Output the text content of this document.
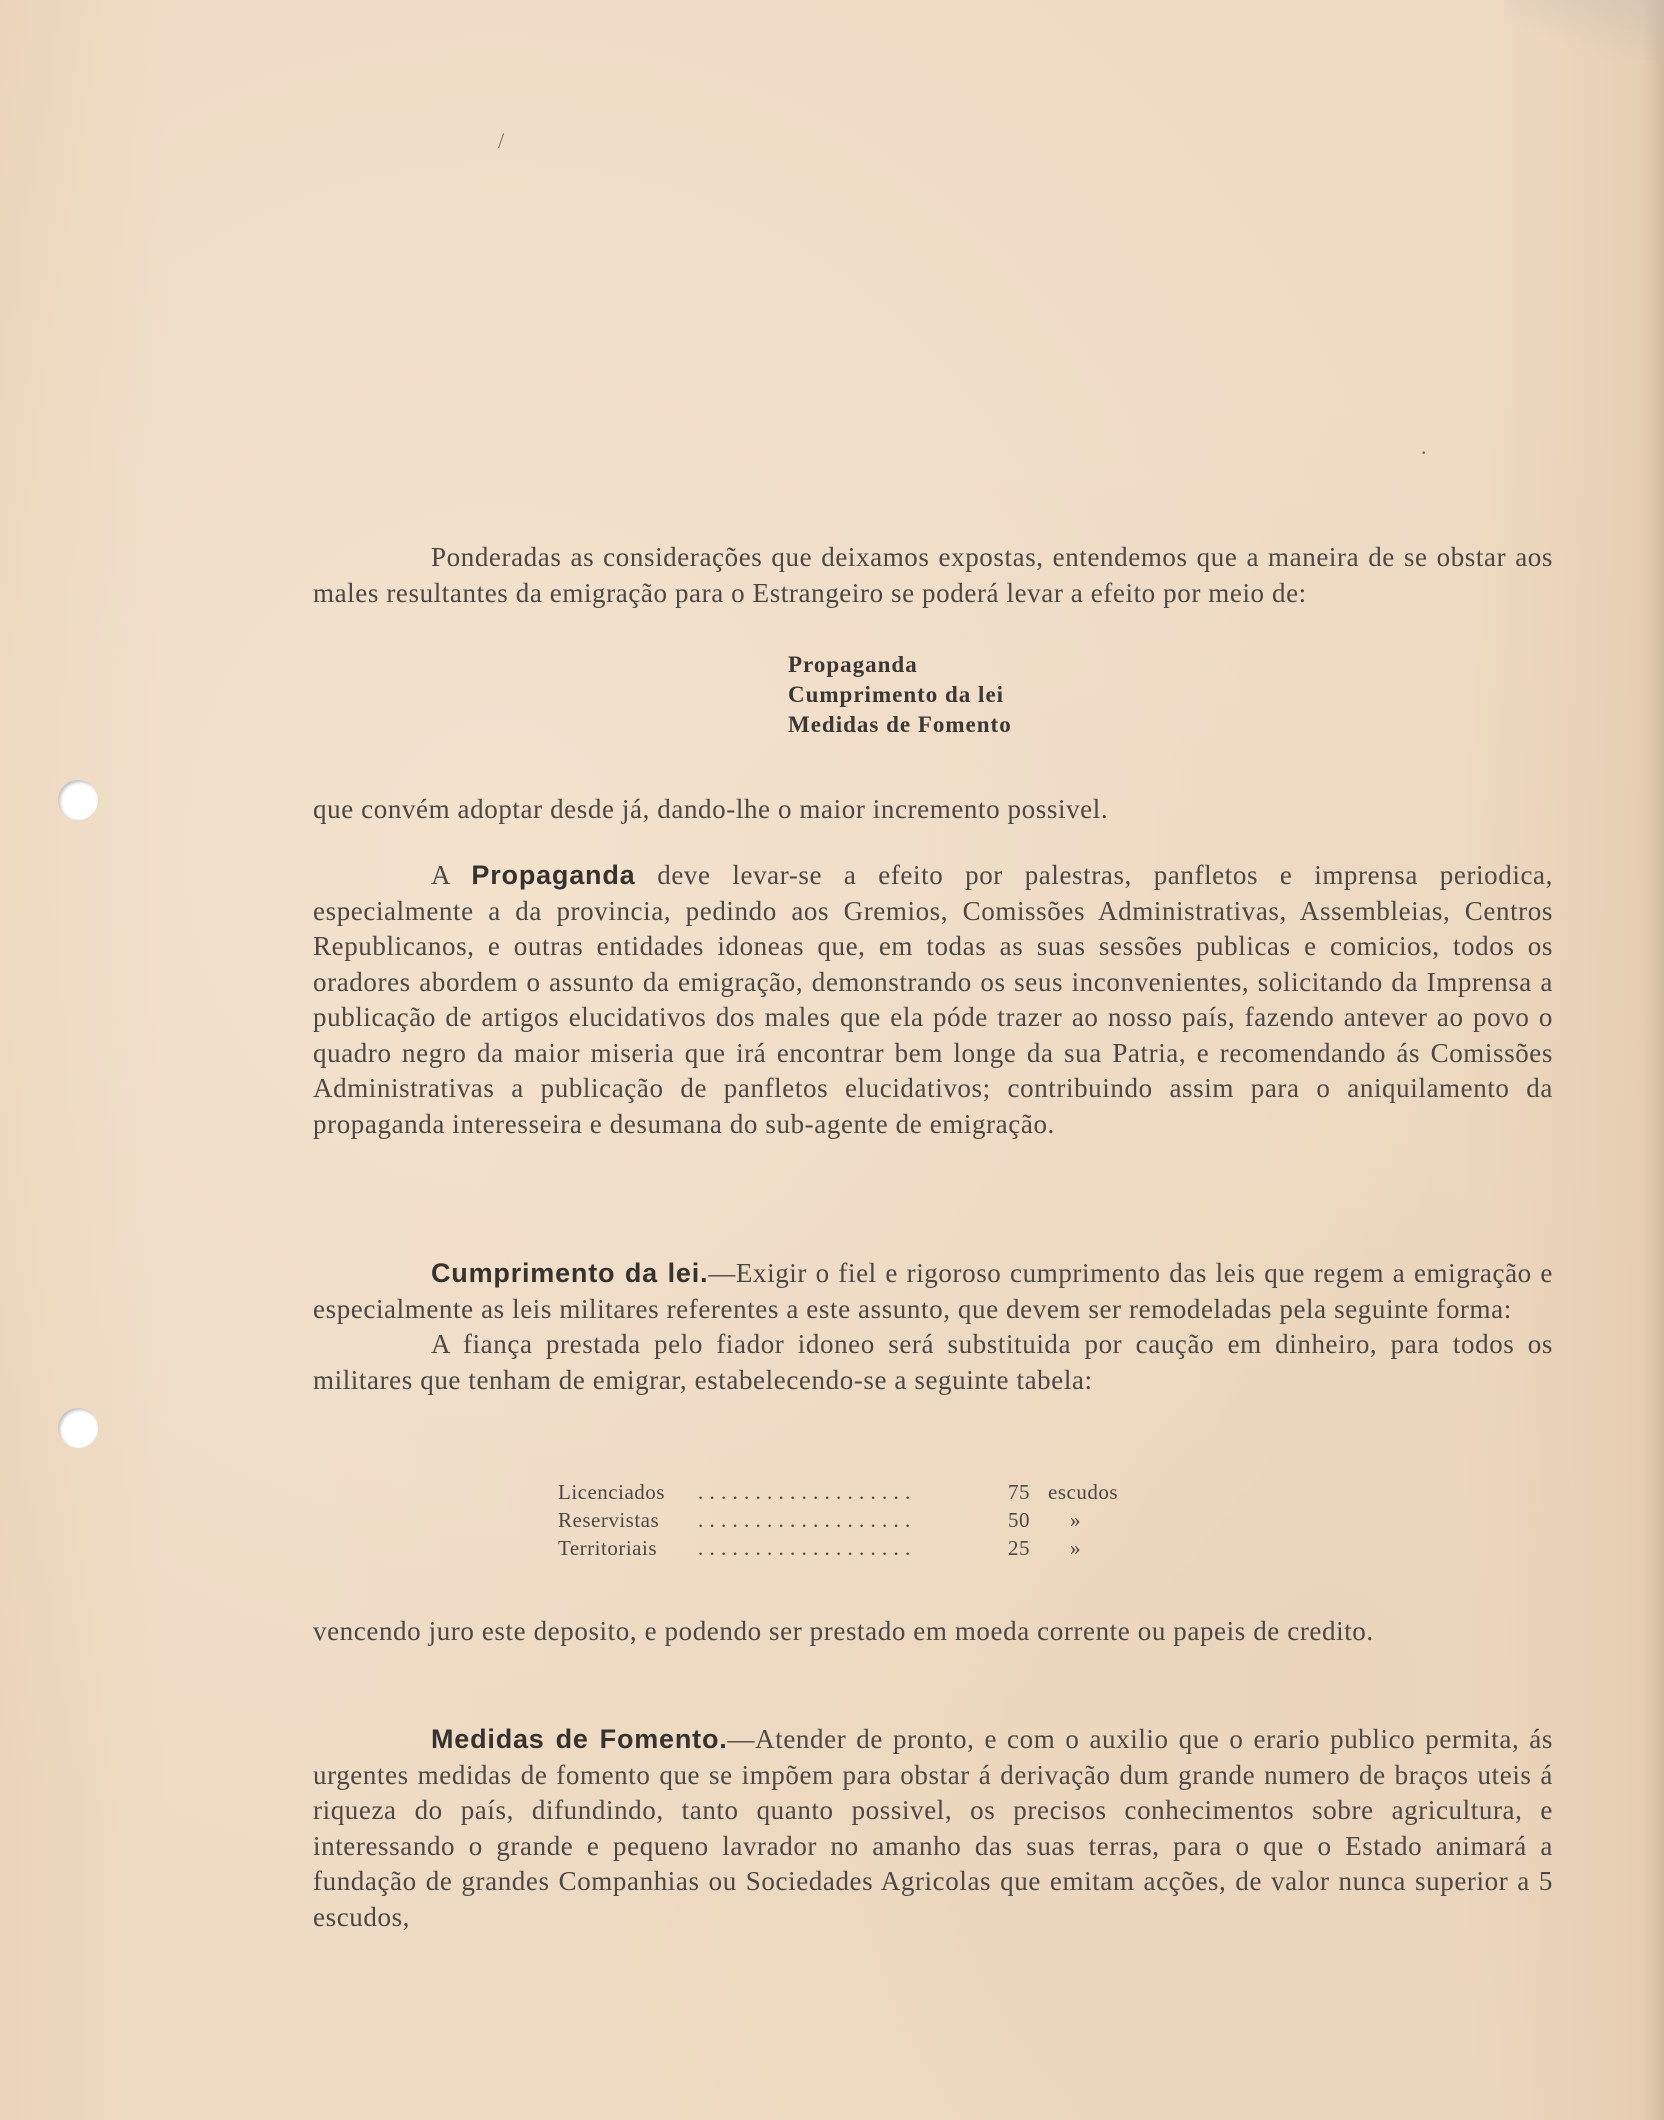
/
·

Ponderadas as considerações que deixamos expostas, entendemos que a maneira de se obstar aos males resultantes da emigração para o Estrangeiro se poderá levar a efeito por meio de:

Propaganda
Cumprimento da lei
Medidas de Fomento

que convém adoptar desde já, dando-lhe o maior incremento possivel.

A Propaganda deve levar-se a efeito por palestras, panfletos e imprensa periodica, especialmente a da provincia, pedindo aos Gremios, Comissões Administrativas, Assembleias, Centros Republicanos, e outras entidades idoneas que, em todas as suas sessões publicas e comicios, todos os oradores abordem o assunto da emigração, demonstrando os seus inconvenientes, solicitando da Imprensa a publicação de artigos elucidativos dos males que ela póde trazer ao nosso país, fazendo antever ao povo o quadro negro da maior miseria que irá encontrar bem longe da sua Patria, e recomendando ás Comissões Administrativas a publicação de panfletos elucidativos; contribuindo assim para o aniquilamento da propaganda interesseira e desumana do sub-agente de emigração.

Cumprimento da lei.—Exigir o fiel e rigoroso cumprimento das leis que regem a emigração e especialmente as leis militares referentes a este assunto, que devem ser remodeladas pela seguinte forma:

A fiança prestada pelo fiador idoneo será substituida por caução em dinheiro, para todos os militares que tenham de emigrar, estabelecendo-se a seguinte tabela:

Licenciados	. . . . . . . . . . . . . . . . . . .	75 escudos
Reservistas	. . . . . . . . . . . . . . . . . . .	50	»
Territoriais	. . . . . . . . . . . . . . . . . . .	25	»

vencendo juro este deposito, e podendo ser prestado em moeda corrente ou papeis de credito.

Medidas de Fomento.—Atender de pronto, e com o auxilio que o erario publico permita, ás urgentes medidas de fomento que se impõem para obstar á derivação dum grande numero de braços uteis á riqueza do país, difundindo, tanto quanto possivel, os precisos conhecimentos sobre agricultura, e interessando o grande e pequeno lavrador no amanho das suas terras, para o que o Estado animará a fundação de grandes Companhias ou Sociedades Agricolas que emitam acções, de valor nunca superior a 5 escudos,
